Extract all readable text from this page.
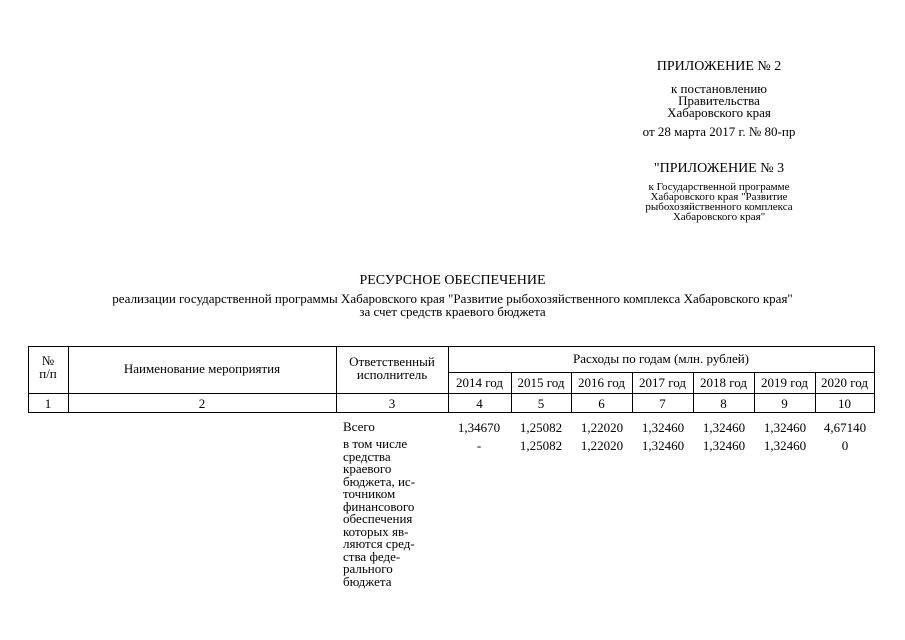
ПРИЛОЖЕНИЕ № 2
к постановлению
Правительства
Хабаровского края
от 28 марта 2017 г. № 80-пр
"ПРИЛОЖЕНИЕ № 3
к Государственной программе
Хабаровского края "Развитие
рыбохозяйственного комплекса
Хабаровского края"
РЕСУРСНОЕ ОБЕСПЕЧЕНИЕ
реализации государственной программы Хабаровского края "Развитие рыбохозяйственного комплекса Хабаровского края"
за счет средств краевого бюджета
№
п/п	Наименование мероприятия	Ответственный
исполнитель
Расходы по годам (млн. рублей)
2014 год	2015 год	2016 год	2017 год	2018 год	2019 год	2020 год
1	2	3	4	5	6	7	8	9	10
Всего	1,34670	1,25082	1,22020	1,32460	1,32460	1,32460	4,67140
в том числе
средства
краевого
бюджета, ис-
точником
финансового
обеспечения
которых яв-
ляются сред-
ства феде-
рального
бюджета
-	1,25082	1,22020	1,32460	1,32460	1,32460	0
